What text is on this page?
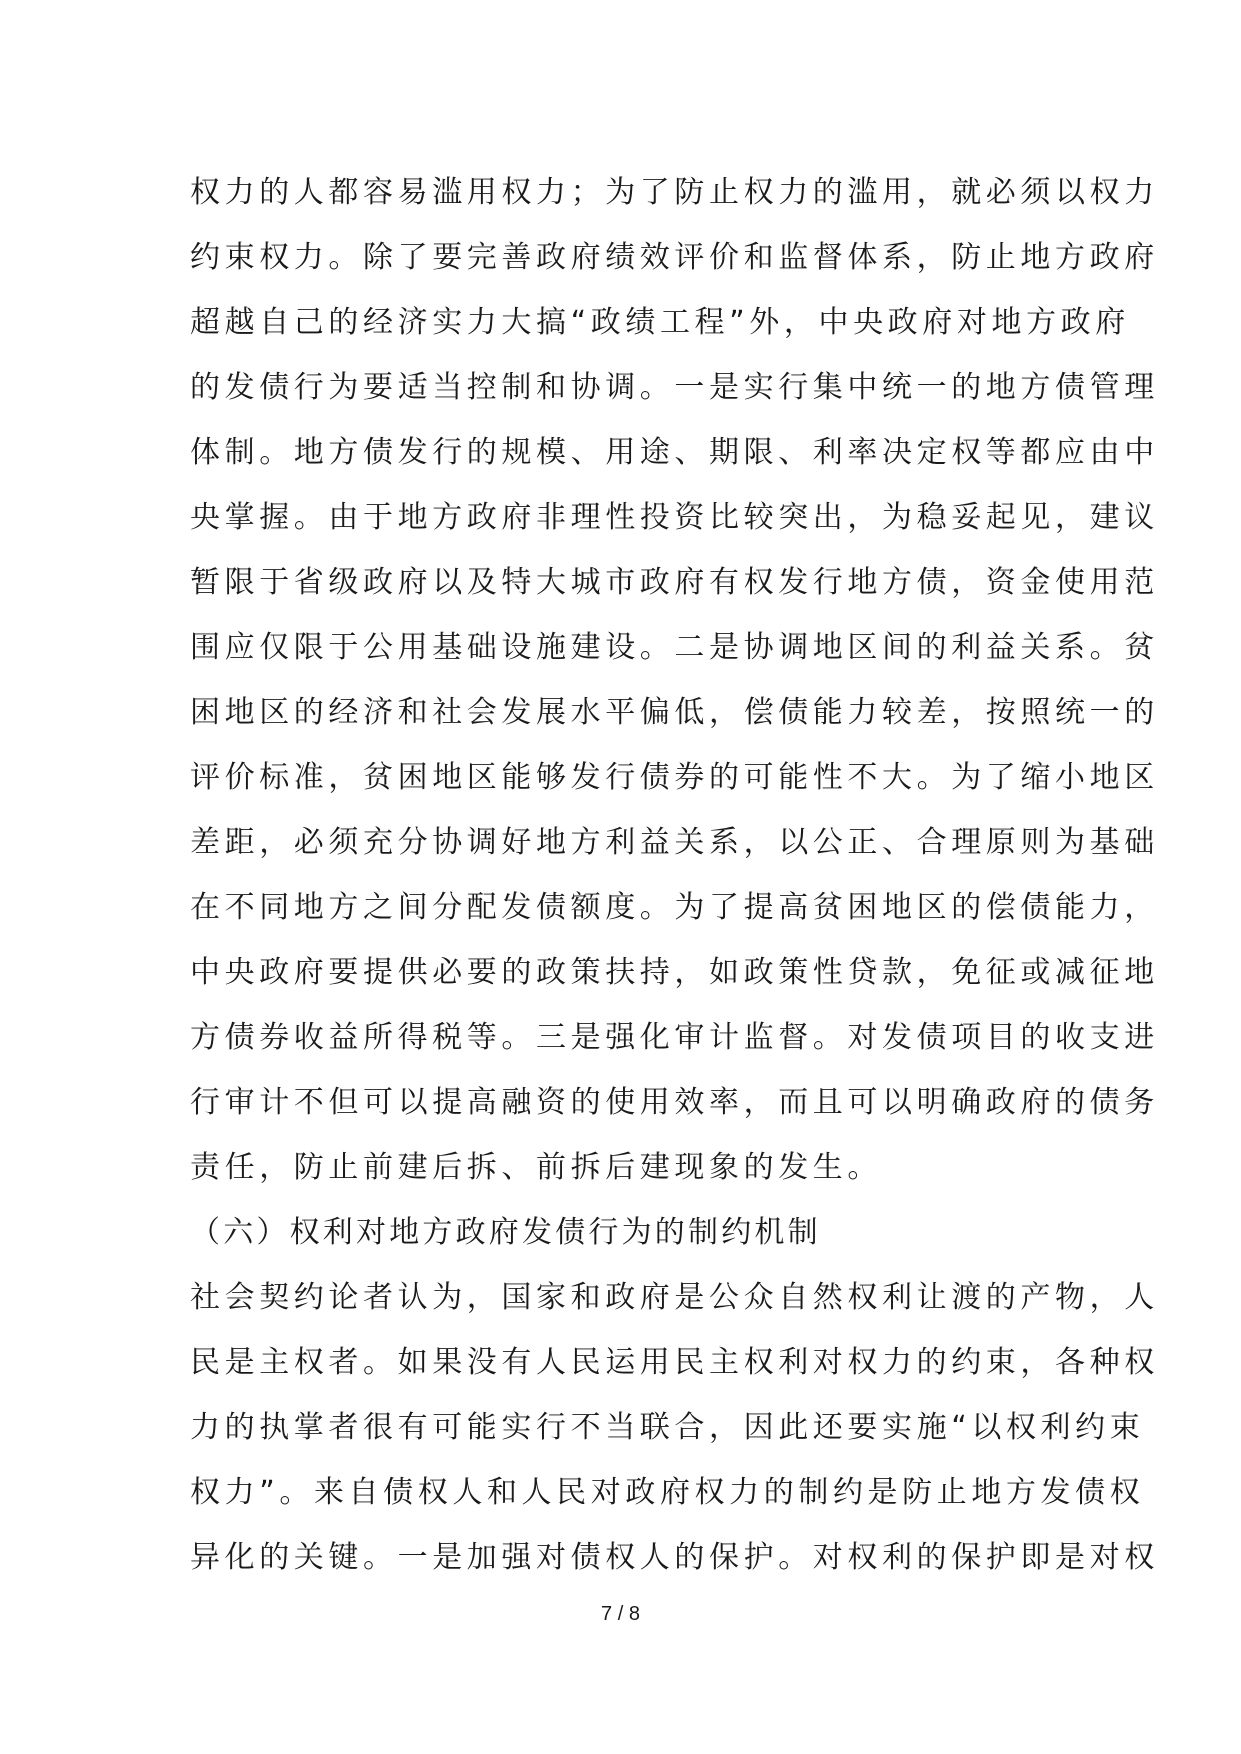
权力的人都容易滥用权力；为了防止权力的滥用，就必须以权力
约束权力。除了要完善政府绩效评价和监督体系，防止地方政府
超越自己的经济实力大搞“政绩工程”外，中央政府对地方政府
的发债行为要适当控制和协调。一是实行集中统一的地方债管理
体制。地方债发行的规模、用途、期限、利率决定权等都应由中
央掌握。由于地方政府非理性投资比较突出，为稳妥起见，建议
暂限于省级政府以及特大城市政府有权发行地方债，资金使用范
围应仅限于公用基础设施建设。二是协调地区间的利益关系。贫
困地区的经济和社会发展水平偏低，偿债能力较差，按照统一的
评价标准，贫困地区能够发行债券的可能性不大。为了缩小地区
差距，必须充分协调好地方利益关系，以公正、合理原则为基础
在不同地方之间分配发债额度。为了提高贫困地区的偿债能力，
中央政府要提供必要的政策扶持，如政策性贷款，免征或减征地
方债券收益所得税等。三是强化审计监督。对发债项目的收支进
行审计不但可以提高融资的使用效率，而且可以明确政府的债务
责任，防止前建后拆、前拆后建现象的发生。
（六）权利对地方政府发债行为的制约机制
社会契约论者认为，国家和政府是公众自然权利让渡的产物，人
民是主权者。如果没有人民运用民主权利对权力的约束，各种权
力的执掌者很有可能实行不当联合，因此还要实施“以权利约束
权力”。来自债权人和人民对政府权力的制约是防止地方发债权
异化的关键。一是加强对债权人的保护。对权利的保护即是对权
7 / 8
